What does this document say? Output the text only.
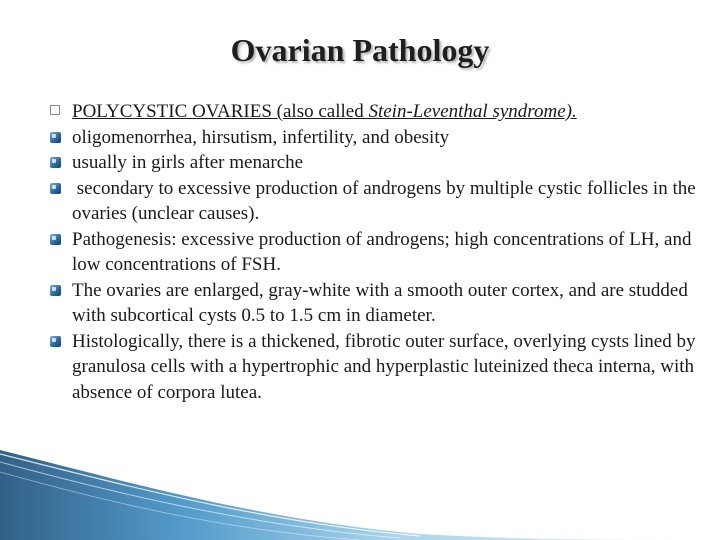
Ovarian Pathology
POLYCYSTIC OVARIES (also called Stein-Leventhal syndrome).
oligomenorrhea, hirsutism, infertility, and obesity
usually in girls after menarche
secondary to excessive production of androgens by multiple cystic follicles in the ovaries (unclear causes).
Pathogenesis: excessive production of androgens; high concentrations of LH, and low concentrations of FSH.
The ovaries are enlarged, gray-white with a smooth outer cortex, and are studded with subcortical cysts 0.5 to 1.5 cm in diameter.
Histologically, there is a thickened, fibrotic outer surface, overlying cysts lined by granulosa cells with a hypertrophic and hyperplastic luteinized theca interna, with absence of corpora lutea.
